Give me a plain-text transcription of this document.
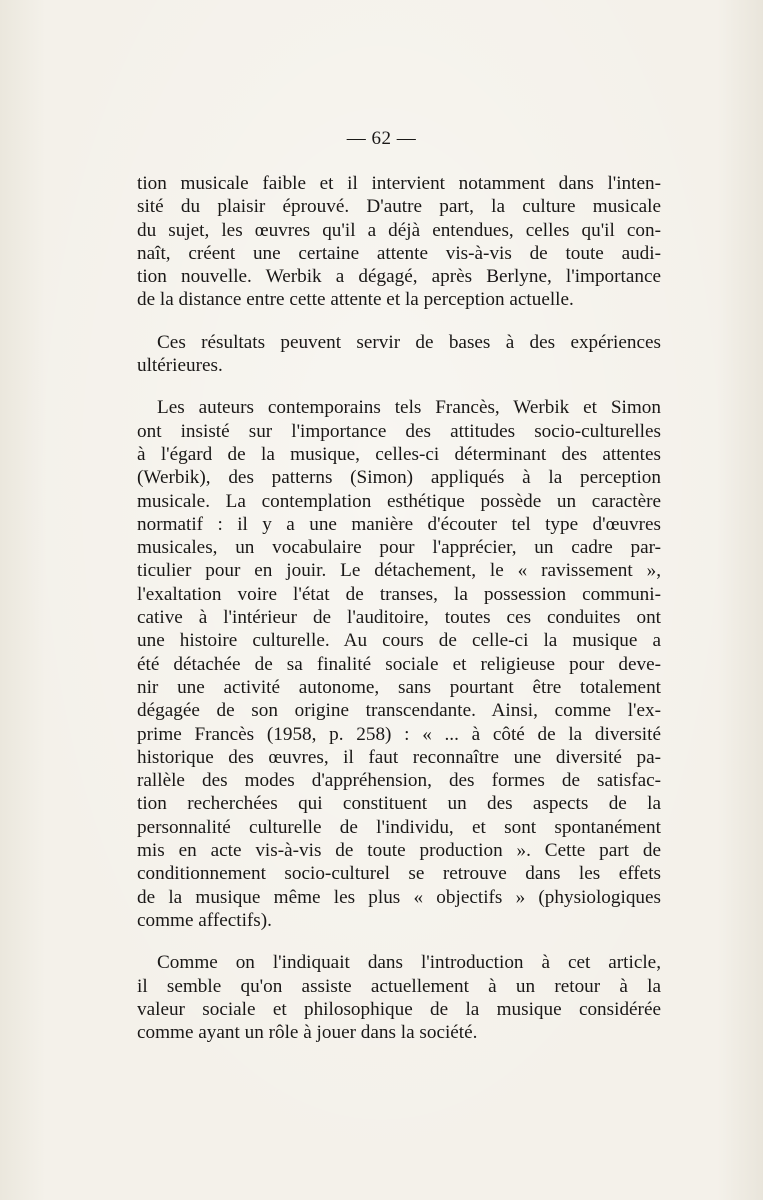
— 62 —
tion musicale faible et il intervient notamment dans l'inten-
sité du plaisir éprouvé. D'autre part, la culture musicale
du sujet, les œuvres qu'il a déjà entendues, celles qu'il con-
naît, créent une certaine attente vis-à-vis de toute audi-
tion nouvelle. Werbik a dégagé, après Berlyne, l'importance
de la distance entre cette attente et la perception actuelle.
Ces résultats peuvent servir de bases à des expériences
ultérieures.
Les auteurs contemporains tels Francès, Werbik et Simon
ont insisté sur l'importance des attitudes socio-culturelles
à l'égard de la musique, celles-ci déterminant des attentes
(Werbik), des patterns (Simon) appliqués à la perception
musicale. La contemplation esthétique possède un caractère
normatif : il y a une manière d'écouter tel type d'œuvres
musicales, un vocabulaire pour l'apprécier, un cadre par-
ticulier pour en jouir. Le détachement, le « ravissement »,
l'exaltation voire l'état de transes, la possession communi-
cative à l'intérieur de l'auditoire, toutes ces conduites ont
une histoire culturelle. Au cours de celle-ci la musique a
été détachée de sa finalité sociale et religieuse pour deve-
nir une activité autonome, sans pourtant être totalement
dégagée de son origine transcendante. Ainsi, comme l'ex-
prime Francès (1958, p. 258) : « ... à côté de la diversité
historique des œuvres, il faut reconnaître une diversité pa-
rallèle des modes d'appréhension, des formes de satisfac-
tion recherchées qui constituent un des aspects de la
personnalité culturelle de l'individu, et sont spontanément
mis en acte vis-à-vis de toute production ». Cette part de
conditionnement socio-culturel se retrouve dans les effets
de la musique même les plus « objectifs » (physiologiques
comme affectifs).
Comme on l'indiquait dans l'introduction à cet article,
il semble qu'on assiste actuellement à un retour à la
valeur sociale et philosophique de la musique considérée
comme ayant un rôle à jouer dans la société.
